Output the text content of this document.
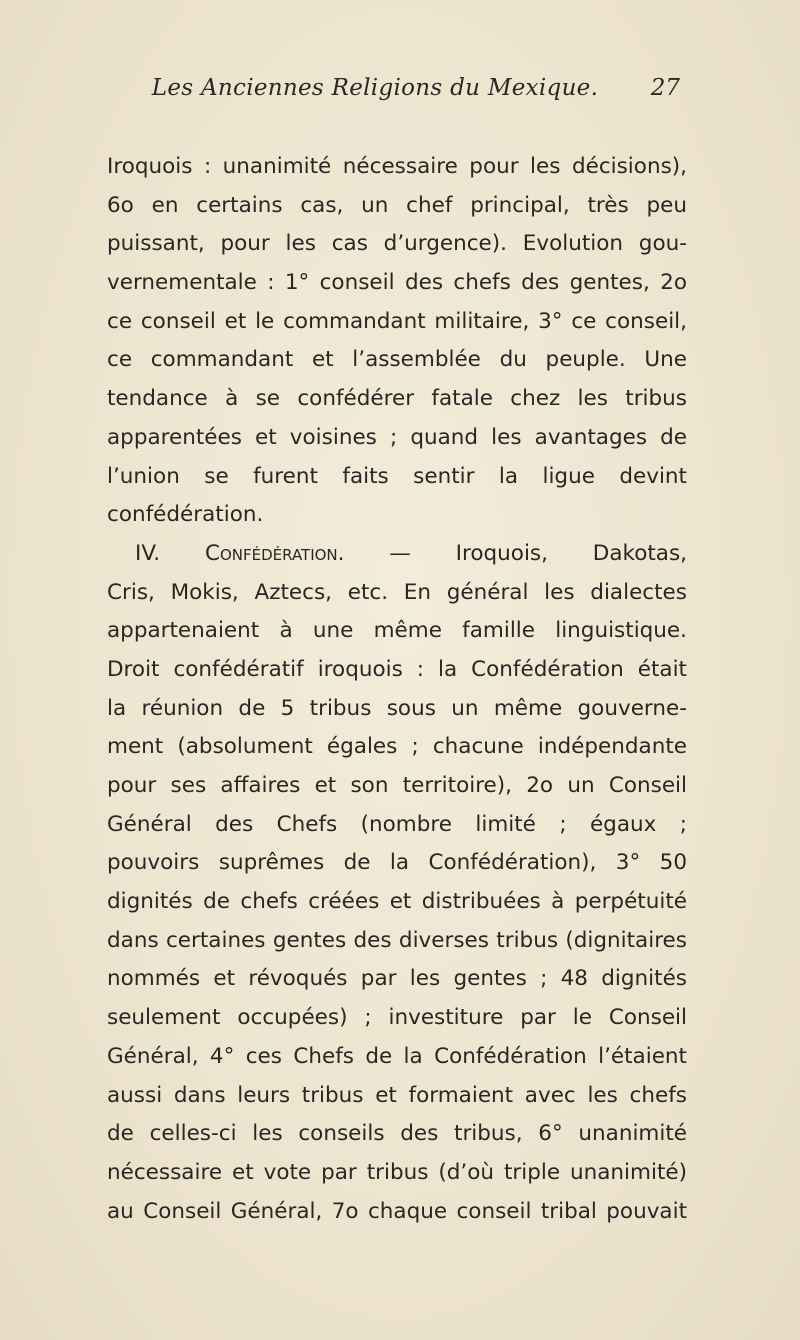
Les Anciennes Religions du Mexique. 27
Iroquois : unanimité nécessaire pour les décisions),
6o en certains cas, un chef principal, très peu
puissant, pour les cas d’urgence). Evolution gou-
vernementale : 1° conseil des chefs des gentes, 2o
ce conseil et le commandant militaire, 3° ce conseil,
ce commandant et l’assemblée du peuple. Une
tendance à se confédérer fatale chez les tribus
apparentées et voisines ; quand les avantages de
l’union se furent faits sentir la ligue devint
confédération.
IV. Confédération. — Iroquois, Dakotas,
Cris, Mokis, Aztecs, etc. En général les dialectes
appartenaient à une même famille linguistique.
Droit confédératif iroquois : la Confédération était
la réunion de 5 tribus sous un même gouverne-
ment (absolument égales ; chacune indépendante
pour ses affaires et son territoire), 2o un Conseil
Général des Chefs (nombre limité ; égaux ;
pouvoirs suprêmes de la Confédération), 3° 50
dignités de chefs créées et distribuées à perpétuité
dans certaines gentes des diverses tribus (dignitaires
nommés et révoqués par les gentes ; 48 dignités
seulement occupées) ; investiture par le Conseil
Général, 4° ces Chefs de la Confédération l’étaient
aussi dans leurs tribus et formaient avec les chefs
de celles-ci les conseils des tribus, 6° unanimité
nécessaire et vote par tribus (d’où triple unanimité)
au Conseil Général, 7o chaque conseil tribal pouvait
